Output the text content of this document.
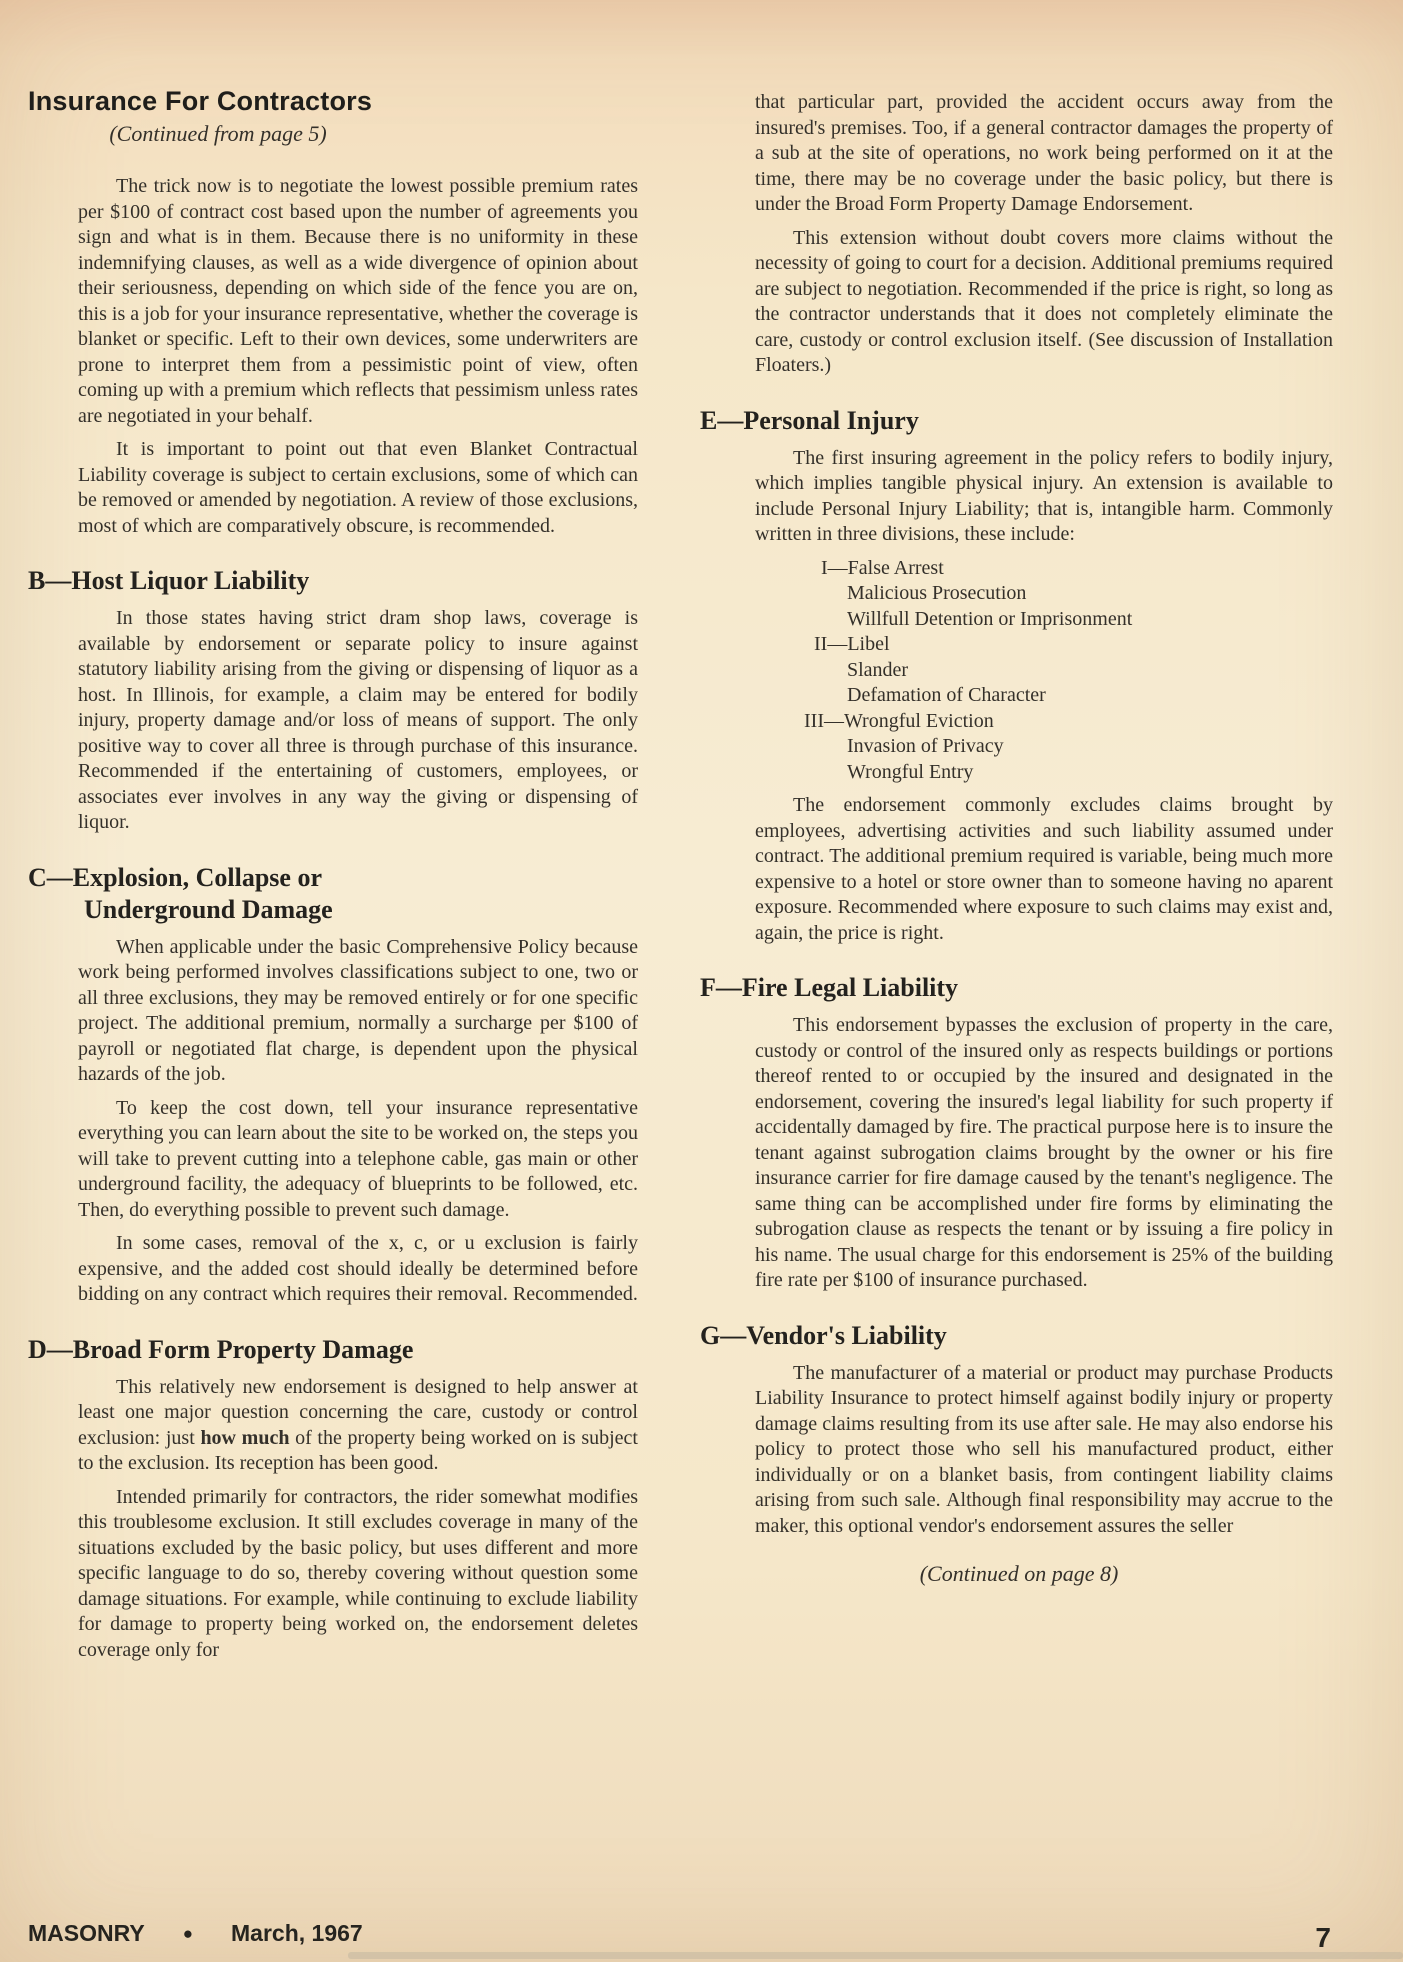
Insurance For Contractors
(Continued from page 5)

The trick now is to negotiate the lowest possible premium rates per $100 of contract cost based upon the number of agreements you sign and what is in them. Because there is no uniformity in these indemnifying clauses, as well as a wide divergence of opinion about their seriousness, depending on which side of the fence you are on, this is a job for your insurance representative, whether the coverage is blanket or specific. Left to their own devices, some underwriters are prone to interpret them from a pessimistic point of view, often coming up with a premium which reflects that pessimism unless rates are negotiated in your behalf.

It is important to point out that even Blanket Contractual Liability coverage is subject to certain exclusions, some of which can be removed or amended by negotiation. A review of those exclusions, most of which are comparatively obscure, is recommended.

B—Host Liquor Liability

In those states having strict dram shop laws, coverage is available by endorsement or separate policy to insure against statutory liability arising from the giving or dispensing of liquor as a host. In Illinois, for example, a claim may be entered for bodily injury, property damage and/or loss of means of support. The only positive way to cover all three is through purchase of this insurance. Recommended if the entertaining of customers, employees, or associates ever involves in any way the giving or dispensing of liquor.

C—Explosion, Collapse or
Underground Damage

When applicable under the basic Comprehensive Policy because work being performed involves classifications subject to one, two or all three exclusions, they may be removed entirely or for one specific project. The additional premium, normally a surcharge per $100 of payroll or negotiated flat charge, is dependent upon the physical hazards of the job.

To keep the cost down, tell your insurance representative everything you can learn about the site to be worked on, the steps you will take to prevent cutting into a telephone cable, gas main or other underground facility, the adequacy of blueprints to be followed, etc. Then, do everything possible to prevent such damage.

In some cases, removal of the x, c, or u exclusion is fairly expensive, and the added cost should ideally be determined before bidding on any contract which requires their removal. Recommended.

D—Broad Form Property Damage

This relatively new endorsement is designed to help answer at least one major question concerning the care, custody or control exclusion: just how much of the property being worked on is subject to the exclusion. Its reception has been good.

Intended primarily for contractors, the rider somewhat modifies this troublesome exclusion. It still excludes coverage in many of the situations excluded by the basic policy, but uses different and more specific language to do so, thereby covering without question some damage situations. For example, while continuing to exclude liability for damage to property being worked on, the endorsement deletes coverage only for

that particular part, provided the accident occurs away from the insured's premises. Too, if a general contractor damages the property of a sub at the site of operations, no work being performed on it at the time, there may be no coverage under the basic policy, but there is under the Broad Form Property Damage Endorsement.

This extension without doubt covers more claims without the necessity of going to court for a decision. Additional premiums required are subject to negotiation. Recommended if the price is right, so long as the contractor understands that it does not completely eliminate the care, custody or control exclusion itself. (See discussion of Installation Floaters.)

E—Personal Injury

The first insuring agreement in the policy refers to bodily injury, which implies tangible physical injury. An extension is available to include Personal Injury Liability; that is, intangible harm. Commonly written in three divisions, these include:

I—False Arrest
Malicious Prosecution
Willfull Detention or Imprisonment
II—Libel
Slander
Defamation of Character
III—Wrongful Eviction
Invasion of Privacy
Wrongful Entry

The endorsement commonly excludes claims brought by employees, advertising activities and such liability assumed under contract. The additional premium required is variable, being much more expensive to a hotel or store owner than to someone having no aparent exposure. Recommended where exposure to such claims may exist and, again, the price is right.

F—Fire Legal Liability

This endorsement bypasses the exclusion of property in the care, custody or control of the insured only as respects buildings or portions thereof rented to or occupied by the insured and designated in the endorsement, covering the insured's legal liability for such property if accidentally damaged by fire. The practical purpose here is to insure the tenant against subrogation claims brought by the owner or his fire insurance carrier for fire damage caused by the tenant's negligence. The same thing can be accomplished under fire forms by eliminating the subrogation clause as respects the tenant or by issuing a fire policy in his name. The usual charge for this endorsement is 25% of the building fire rate per $100 of insurance purchased.

G—Vendor's Liability

The manufacturer of a material or product may purchase Products Liability Insurance to protect himself against bodily injury or property damage claims resulting from its use after sale. He may also endorse his policy to protect those who sell his manufactured product, either individually or on a blanket basis, from contingent liability claims arising from such sale. Although final responsibility may accrue to the maker, this optional vendor's endorsement assures the seller

(Continued on page 8)
MASONRY ● March, 1967	7
